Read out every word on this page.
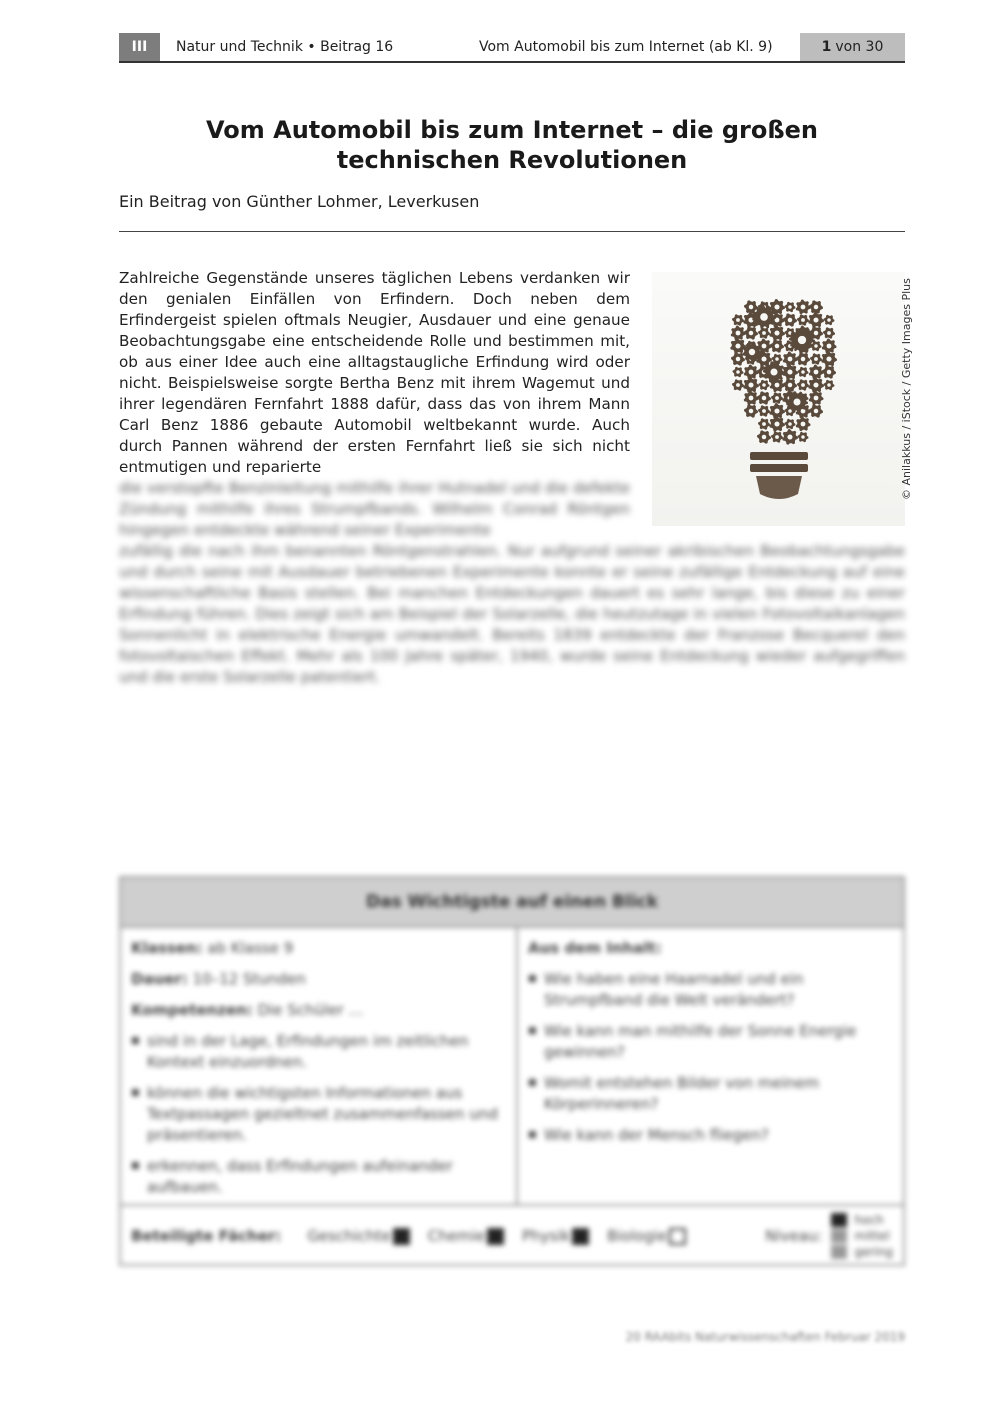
III	Natur und Technik • Beitrag 16	Vom Automobil bis zum Internet (ab Kl. 9)	1 von 30
Vom Automobil bis zum Internet – die großen
technischen Revolutionen
Ein Beitrag von Günther Lohmer, Leverkusen

Zahlreiche Gegenstände unseres täglichen Lebens verdanken wir den genialen Einfällen von Erfindern. Doch neben dem Erfindergeist spielen oftmals Neugier, Ausdauer und eine genaue Beobachtungsgabe eine entscheidende Rolle und bestimmen mit, ob aus einer Idee auch eine alltagstaugliche Erfindung wird oder nicht. Beispielsweise sorgte Bertha Benz mit ihrem Wagemut und ihrer legendären Fernfahrt 1888 dafür, dass das von ihrem Mann Carl Benz 1886 gebaute Automobil weltbekannt wurde. Auch durch Pannen während der ersten Fernfahrt ließ sie sich nicht entmutigen und reparierte

die verstopfte Benzinleitung mithilfe ihrer Hutnadel und die defekte Zündung mithilfe ihres Strumpfbands. Wilhelm Conrad Röntgen hingegen entdeckte während seiner Experimente
zufällig die nach ihm benannten Röntgenstrahlen. Nur aufgrund seiner akribischen Beobachtungsgabe und durch seine mit Ausdauer betriebenen Experimente konnte er seine zufällige Entdeckung auf eine wissenschaftliche Basis stellen. Bei manchen Entdeckungen dauert es sehr lange, bis diese zu einer Erfindung führen. Dies zeigt sich am Beispiel der Solarzelle, die heutzutage in vielen Fotovoltaikanlagen Sonnenlicht in elektrische Energie umwandelt. Bereits 1839 entdeckte der Franzose Becquerel den fotovoltaischen Effekt. Mehr als 100 Jahre später, 1940, wurde seine Entdeckung wieder aufgegriffen und die erste Solarzelle patentiert.
© Anilakkus / iStock / Getty Images Plus
Das Wichtigste auf einen Blick
Klassen: ab Klasse 9
Dauer: 10–12 Stunden
Kompetenzen: Die Schüler …
■ sind in der Lage, Erfindungen im zeitlichen Kontext einzuordnen.
■ können die wichtigsten Informationen aus Textpassagen gezieltnet zusammenfassen und präsentieren.
■ erkennen, dass Erfindungen aufeinander aufbauen.
Aus dem Inhalt:
■ Wie haben eine Haarnadel und ein Strumpfband die Welt verändert?
■ Wie kann man mithilfe der Sonne Energie gewinnen?
■ Womit entstehen Bilder von meinem Körperinneren?
■ Wie kann der Mensch fliegen?
Beteiligte Fächer: Geschichte	Chemie	Physik	Biologie	Niveau:
hoch
mittel
gering
20 RAAbits Naturwissenschaften Februar 2019
